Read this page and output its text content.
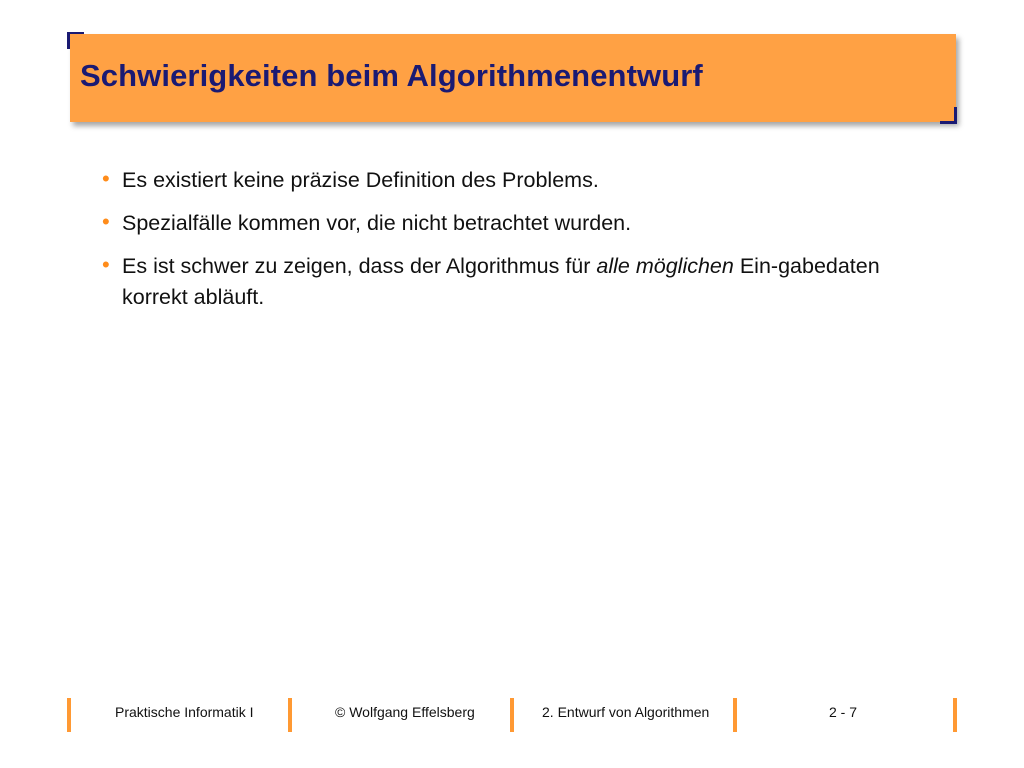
Schwierigkeiten beim Algorithmenentwurf
• Es existiert keine präzise Definition des Problems.
• Spezialfälle kommen vor, die nicht betrachtet wurden.
• Es ist schwer zu zeigen, dass der Algorithmus für alle möglichen Ein-gabedaten korrekt abläuft.
Praktische Informatik I	© Wolfgang Effelsberg	2. Entwurf von Algorithmen	2 - 7
